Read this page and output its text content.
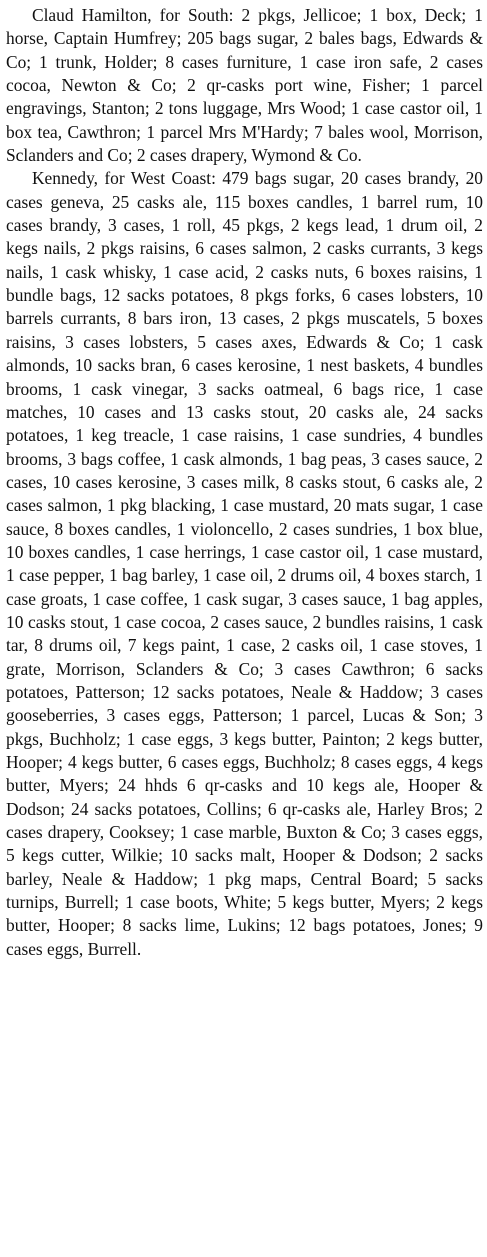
Claud Hamilton, for South: 2 pkgs, Jellicoe; 1 box, Deck; 1 horse, Captain Humfrey; 205 bags sugar, 2 bales bags, Edwards & Co; 1 trunk, Holder; 8 cases furniture, 1 case iron safe, 2 cases cocoa, Newton & Co; 2 qr-casks port wine, Fisher; 1 parcel engravings, Stanton; 2 tons luggage, Mrs Wood; 1 case castor oil, 1 box tea, Cawthron; 1 parcel Mrs M'Hardy; 7 bales wool, Morrison, Sclanders and Co; 2 cases drapery, Wymond & Co.

Kennedy, for West Coast: 479 bags sugar, 20 cases brandy, 20 cases geneva, 25 casks ale, 115 boxes candles, 1 barrel rum, 10 cases brandy, 3 cases, 1 roll, 45 pkgs, 2 kegs lead, 1 drum oil, 2 kegs nails, 2 pkgs raisins, 6 cases salmon, 2 casks currants, 3 kegs nails, 1 cask whisky, 1 case acid, 2 casks nuts, 6 boxes raisins, 1 bundle bags, 12 sacks potatoes, 8 pkgs forks, 6 cases lobsters, 10 barrels currants, 8 bars iron, 13 cases, 2 pkgs muscatels, 5 boxes raisins, 3 cases lobsters, 5 cases axes, Edwards & Co; 1 cask almonds, 10 sacks bran, 6 cases kerosine, 1 nest baskets, 4 bundles brooms, 1 cask vinegar, 3 sacks oatmeal, 6 bags rice, 1 case matches, 10 cases and 13 casks stout, 20 casks ale, 24 sacks potatoes, 1 keg treacle, 1 case raisins, 1 case sundries, 4 bundles brooms, 3 bags coffee, 1 cask almonds, 1 bag peas, 3 cases sauce, 2 cases, 10 cases kerosine, 3 cases milk, 8 casks stout, 6 casks ale, 2 cases salmon, 1 pkg blacking, 1 case mustard, 20 mats sugar, 1 case sauce, 8 boxes candles, 1 violoncello, 2 cases sundries, 1 box blue, 10 boxes candles, 1 case herrings, 1 case castor oil, 1 case mustard, 1 case pepper, 1 bag barley, 1 case oil, 2 drums oil, 4 boxes starch, 1 case groats, 1 case coffee, 1 cask sugar, 3 cases sauce, 1 bag apples, 10 casks stout, 1 case cocoa, 2 cases sauce, 2 bundles raisins, 1 cask tar, 8 drums oil, 7 kegs paint, 1 case, 2 casks oil, 1 case stoves, 1 grate, Morrison, Sclanders & Co; 3 cases Cawthron; 6 sacks potatoes, Patterson; 12 sacks potatoes, Neale & Haddow; 3 cases gooseberries, 3 cases eggs, Patterson; 1 parcel, Lucas & Son; 3 pkgs, Buchholz; 1 case eggs, 3 kegs butter, Painton; 2 kegs butter, Hooper; 4 kegs butter, 6 cases eggs, Buchholz; 8 cases eggs, 4 kegs butter, Myers; 24 hhds 6 qr-casks and 10 kegs ale, Hooper & Dodson; 24 sacks potatoes, Collins; 6 qr-casks ale, Harley Bros; 2 cases drapery, Cooksey; 1 case marble, Buxton & Co; 3 cases eggs, 5 kegs cutter, Wilkie; 10 sacks malt, Hooper & Dodson; 2 sacks barley, Neale & Haddow; 1 pkg maps, Central Board; 5 sacks turnips, Burrell; 1 case boots, White; 5 kegs butter, Myers; 2 kegs butter, Hooper; 8 sacks lime, Lukins; 12 bags potatoes, Jones; 9 cases eggs, Burrell.
